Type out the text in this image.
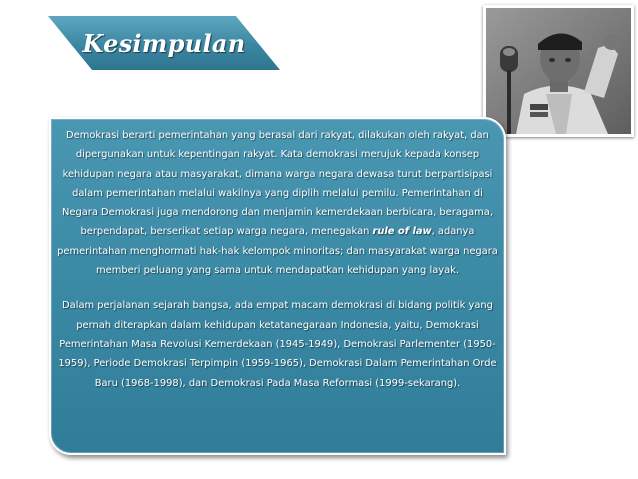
Kesimpulan

Demokrasi berarti pemerintahan yang berasal dari rakyat, dilakukan oleh rakyat, dan dipergunakan untuk kepentingan rakyat. Kata demokrasi merujuk kepada konsep kehidupan negara atau masyarakat, dimana warga negara dewasa turut berpartisipasi dalam pemerintahan melalui wakilnya yang diplih melalui pemilu. Pemerintahan di Negara Demokrasi juga mendorong dan menjamin kemerdekaan berbicara, beragama, berpendapat, berserikat setiap warga negara, menegakan rule of law, adanya pemerintahan menghormati hak-hak kelompok minoritas; dan masyarakat warga negara memberi peluang yang sama untuk mendapatkan kehidupan yang layak.

Dalam perjalanan sejarah bangsa, ada empat macam demokrasi di bidang politik yang pernah diterapkan dalam kehidupan ketatanegaraan Indonesia, yaitu, Demokrasi Pemerintahan Masa Revolusi Kemerdekaan (1945-1949), Demokrasi Parlementer (1950-1959), Periode Demokrasi Terpimpin (1959-1965), Demokrasi Dalam Pemerintahan Orde Baru (1968-1998), dan Demokrasi Pada Masa Reformasi (1999-sekarang).
